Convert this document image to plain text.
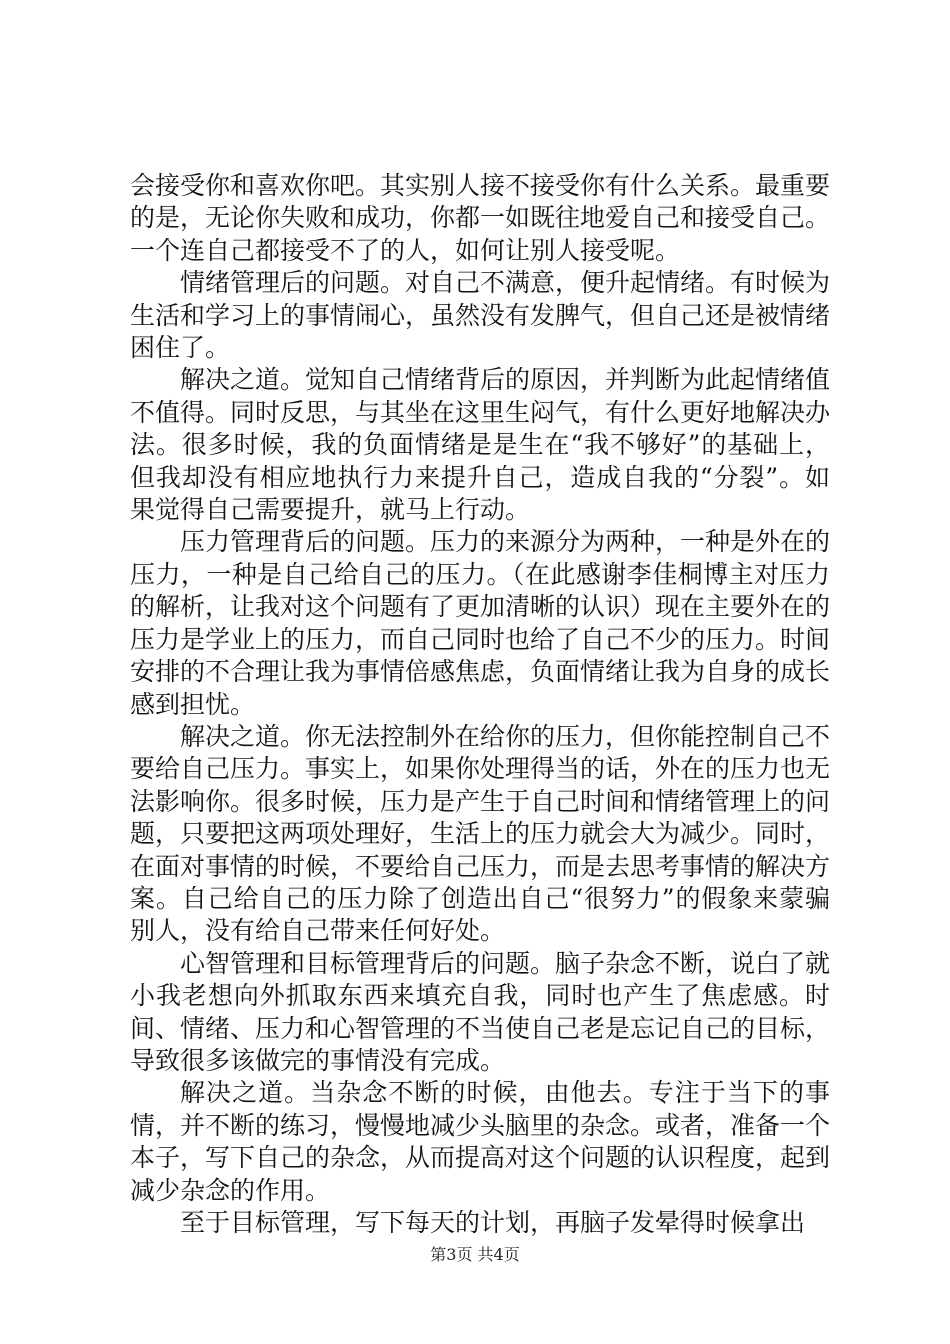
会接受你和喜欢你吧。其实别人接不接受你有什么关系。最重要的是，无论你失败和成功，你都一如既往地爱自己和接受自己。一个连自己都接受不了的人，如何让别人接受呢。

情绪管理后的问题。对自己不满意，便升起情绪。有时候为生活和学习上的事情闹心，虽然没有发脾气，但自己还是被情绪困住了。

解决之道。觉知自己情绪背后的原因，并判断为此起情绪值不值得。同时反思，与其坐在这里生闷气，有什么更好地解决办法。很多时候，我的负面情绪是是生在“我不够好”的基础上，但我却没有相应地执行力来提升自己，造成自我的“分裂”。如果觉得自己需要提升，就马上行动。

压力管理背后的问题。压力的来源分为两种，一种是外在的压力，一种是自己给自己的压力。（在此感谢李佳桐博主对压力的解析，让我对这个问题有了更加清晰的认识）现在主要外在的压力是学业上的压力，而自己同时也给了自己不少的压力。时间安排的不合理让我为事情倍感焦虑，负面情绪让我为自身的成长感到担忧。

解决之道。你无法控制外在给你的压力，但你能控制自己不要给自己压力。事实上，如果你处理得当的话，外在的压力也无法影响你。很多时候，压力是产生于自己时间和情绪管理上的问题，只要把这两项处理好，生活上的压力就会大为减少。同时，在面对事情的时候，不要给自己压力，而是去思考事情的解决方案。自己给自己的压力除了创造出自己“很努力”的假象来蒙骗别人，没有给自己带来任何好处。

心智管理和目标管理背后的问题。脑子杂念不断，说白了就小我老想向外抓取东西来填充自我，同时也产生了焦虑感。时间、情绪、压力和心智管理的不当使自己老是忘记自己的目标，导致很多该做完的事情没有完成。

解决之道。当杂念不断的时候，由他去。专注于当下的事情，并不断的练习，慢慢地减少头脑里的杂念。或者，准备一个本子，写下自己的杂念，从而提高对这个问题的认识程度，起到减少杂念的作用。

至于目标管理，写下每天的计划，再脑子发晕得时候拿出

第3页 共4页
